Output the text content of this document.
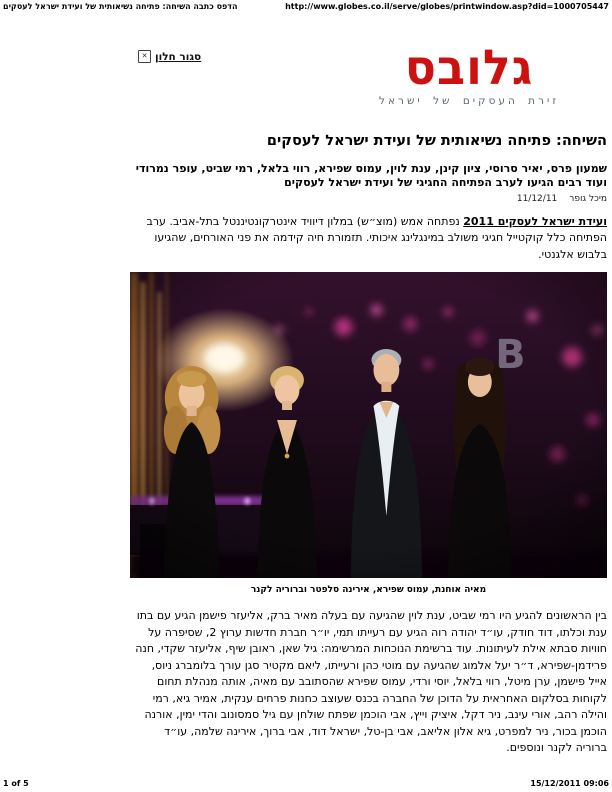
הדפס כתבה השיחה: פתיחה נשיאותית של ועידת ישראל לעסקים	http://www.globes.co.il/serve/globes/printwindow.asp?did=1000705447
✕ סגור חלון	גלובס
זירת העסקים של ישראל
השיחה: פתיחה נשיאותית של ועידת ישראל לעסקים

שמעון פרס, יאיר סרוסי, ציון קינן, ענת לוין, עמוס שפירא, רווי בלאל, רמי שביט, עופר נמרודי ועוד רבים הגיעו לערב הפתיחה החגיגי של ועידת ישראל לעסקים

מיכל גופר
11/12/11

ועידת ישראל לעסקים 2011 נפתחה אמש (מוצ״ש) במלון דיוויד אינטרקונטיננטל בתל-אביב. ערב הפתיחה כלל קוקטייל חגיגי משולב במינגלינג איכותי. תזמורת חיה קידמה את פני האורחים, שהגיעו בלבוש אלגנטי.

מאיה אוחנת, עמוס שפירא, אירינה סלפטר וברוריה לקנר

בין הראשונים להגיע היו רמי שביט, ענת לוין שהגיעה עם בעלה מאיר ברק, אליעזר פישמן הגיע עם בתו ענת וכלתו, דוד חודק, עו״ד יהודה רוה הגיע עם רעייתו תמי, יו״ר חברת חדשות ערוץ 2, שסיפרה על חוויות סבתא אילת לעיתונות. עוד ברשימת הנוכחות המרשימה: גיל שאן, ראובן שיף, אליעזר שקדי, חנה פרידמן-שפירא, ד״ר יעל אלמוג שהגיעה עם מוטי כהן ורעייתו, ליאם מקטיר סגן עורך בלומברג ניוס, אייל פישמן, ערן מיטל, רווי בלאל, יוסי ורדי, עמוס שפירא שהסתובב עם מאיה, אותה מנהלת תחום לקוחות בסלקום האחראית על הדוכן של החברה בכנס שעוצב כחנות פרחים ענקית, אמיר גיא, רמי והילה רהב, אורי עינב, ניר דקל, איציק וייץ, אבי הוכמן שפתח שולחן עם גיל סמסונוב והדי ימין, אורנה הוכמן בכור, ניר למפרט, גיא אלון אליאב, אבי בן-טל, ישראל דוד, אבי ברוך, אירינה שלמה, עו״ד ברוריה לקנר ונוספים.

1 of 5	15/12/2011 09:06
